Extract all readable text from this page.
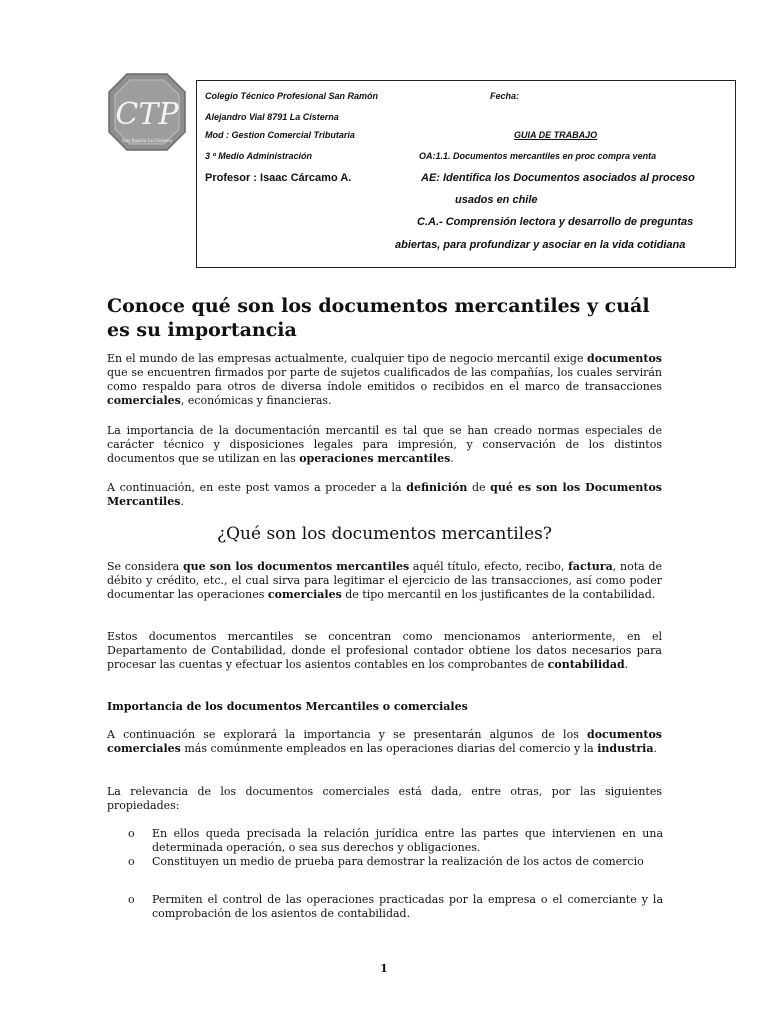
CTP
San Ramón La Cisterna
Colegio Técnico Profesional San Ramón	Fecha:
Alejandro Vial 8791 La Cisterna
Mod : Gestion Comercial Tributaria	GUIA DE TRABAJO
3 º Medio Administración	OA:1.1. Documentos mercantiles en proc compra venta
Profesor : Isaac Cárcamo A.	AE: Identifica los Documentos asociados al proceso
usados en chile
C.A.- Comprensión lectora y desarrollo de preguntas
abiertas, para profundizar y asociar en la vida cotidiana
Conoce qué son los documentos mercantiles y cuál
es su importancia

En el mundo de las empresas actualmente, cualquier tipo de negocio mercantil exige documentos que se encuentren firmados por parte de sujetos cualificados de las compañías, los cuales servirán como respaldo para otros de diversa índole emitidos o recibidos en el marco de transacciones comerciales, económicas y financieras.

La importancia de la documentación mercantil es tal que se han creado normas especiales de carácter técnico y disposiciones legales para impresión, y conservación de los distintos documentos que se utilizan en las operaciones mercantiles.

A continuación, en este post vamos a proceder a la definición de qué es son los Documentos Mercantiles.

¿Qué son los documentos mercantiles?

Se considera que son los documentos mercantiles aquél título, efecto, recibo, factura, nota de débito y crédito, etc., el cual sirva para legitimar el ejercicio de las transacciones, así como poder documentar las operaciones comerciales de tipo mercantil en los justificantes de la contabilidad.

Estos documentos mercantiles se concentran como mencionamos anteriormente, en el Departamento de Contabilidad, donde el profesional contador obtiene los datos necesarios para procesar las cuentas y efectuar los asientos contables en los comprobantes de contabilidad.

Importancia de los documentos Mercantiles o comerciales

A continuación se explorará la importancia y se presentarán algunos de los documentos comerciales más comúnmente empleados en las operaciones diarias del comercio y la industria.

La relevancia de los documentos comerciales está dada, entre otras, por las siguientes propiedades:

o	En ellos queda precisada la relación jurídica entre las partes que intervienen en una determinada operación, o sea sus derechos y obligaciones.
o	Constituyen un medio de prueba para demostrar la realización de los actos de comercio
o	Permiten el control de las operaciones practicadas por la empresa o el comerciante y la comprobación de los asientos de contabilidad.
1
